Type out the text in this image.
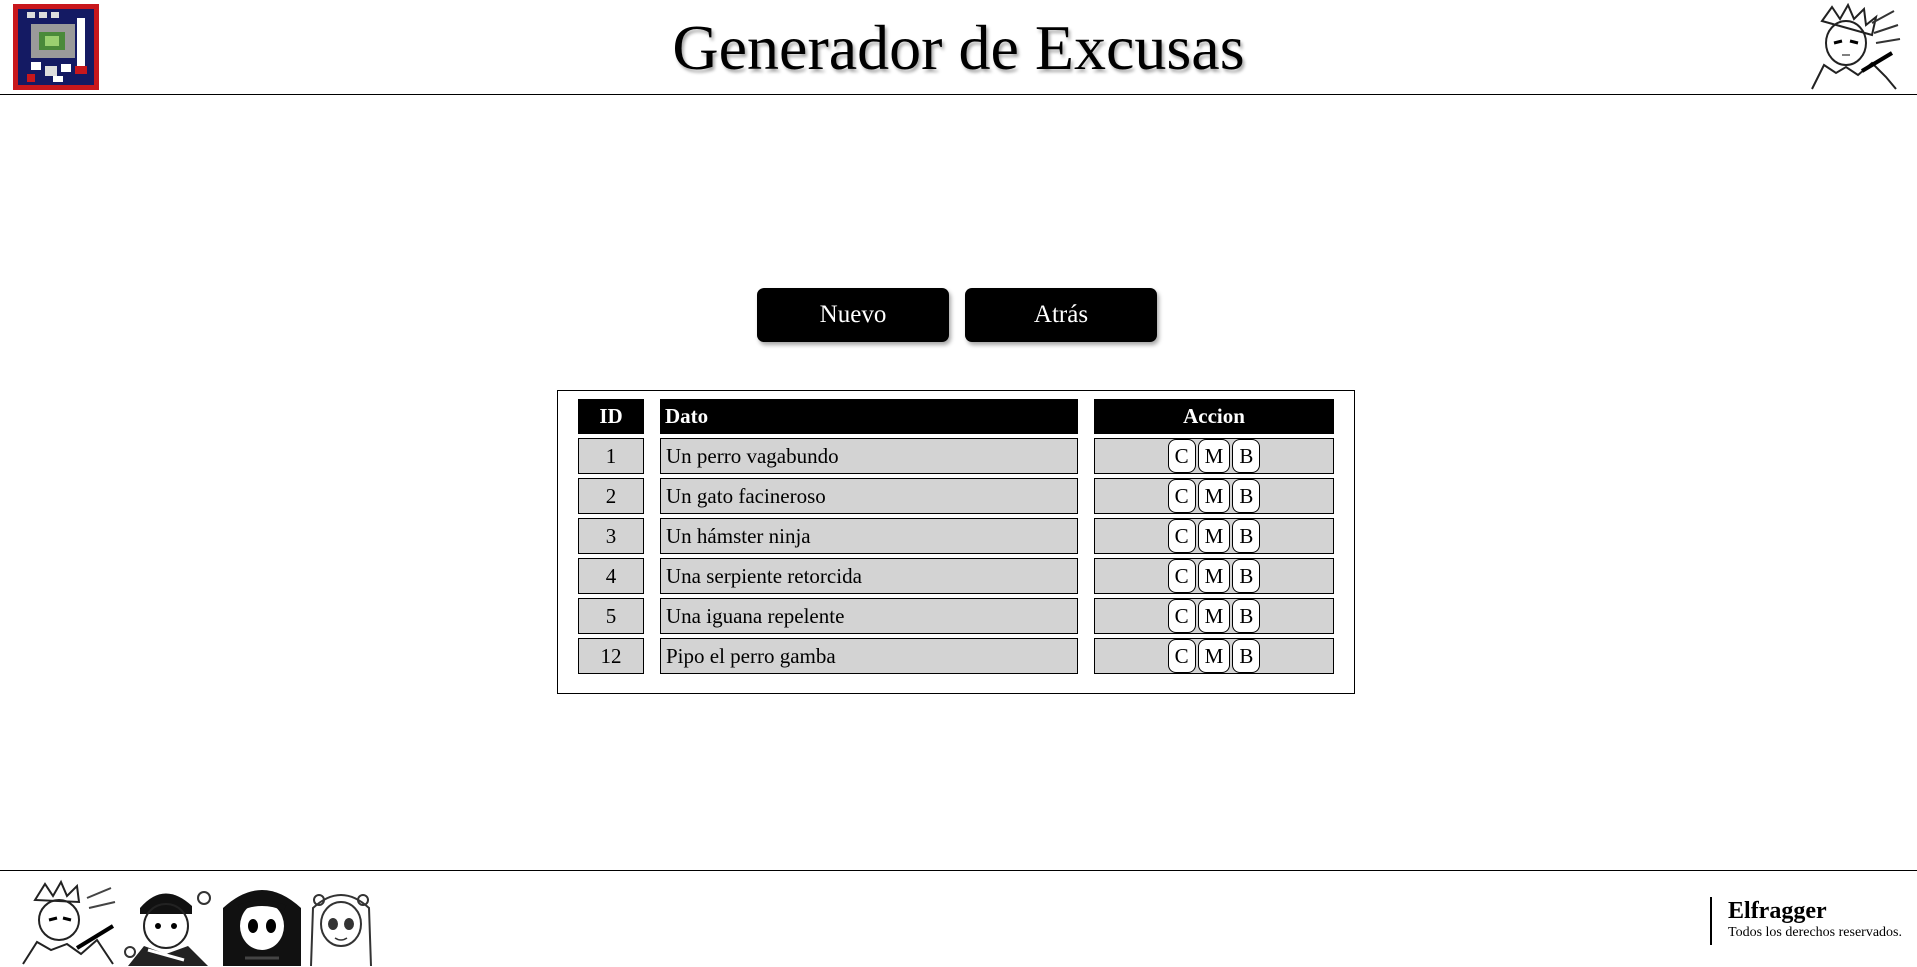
Generador de Excusas
Nuevo	Atrás
ID	Dato	Accion
1	Un perro vagabundo	C M B
2	Un gato facineroso	C M B
3	Un hámster ninja	C M B
4	Una serpiente retorcida	C M B
5	Una iguana repelente	C M B
12	Pipo el perro gamba	C M B
Elfragger
Todos los derechos reservados.
